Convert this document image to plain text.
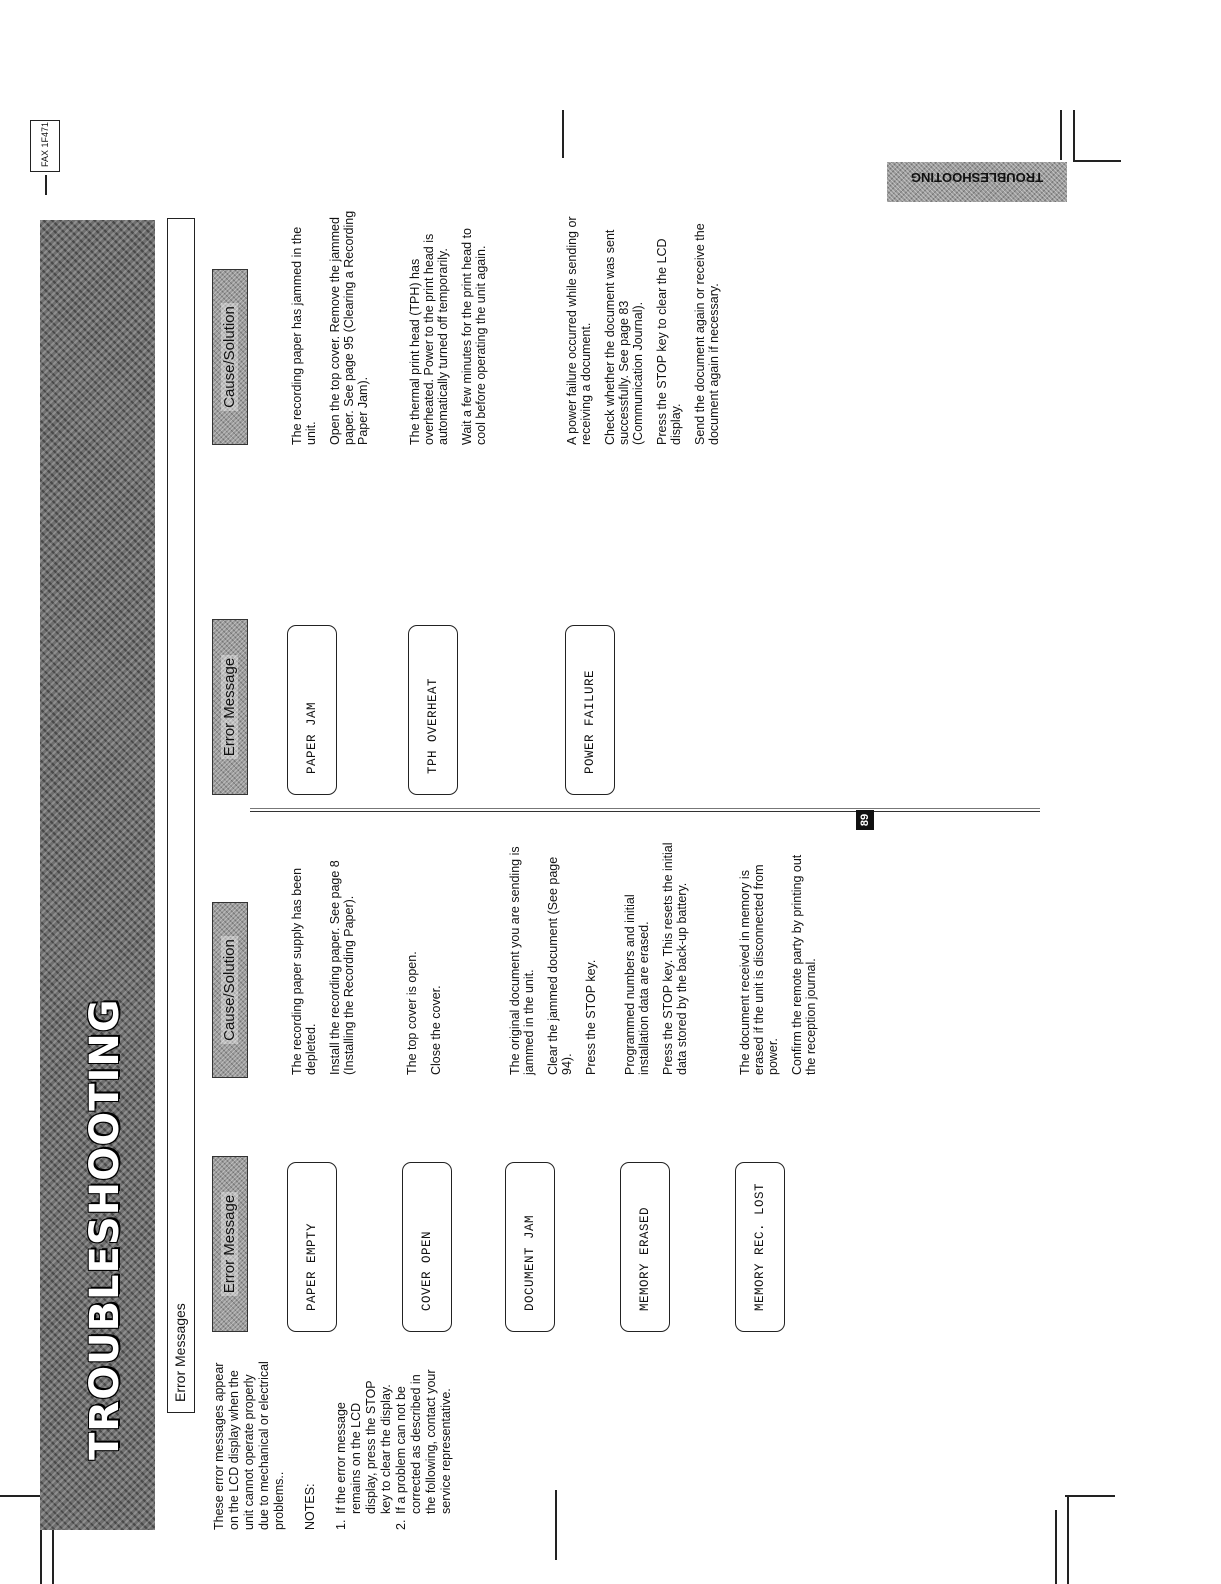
FAX 1F471
TROUBLESHOOTING
TROUBLESHOOTING	Error Messages

These error messages appear on the LCD display when the unit cannot operate properly due to mechanical or electrical problems.. NOTES: 1.
If the error message remains on the LCD display, press the STOP key to clear the display.
2.
If a problem can not be corrected as described in the following, contact your service representative.
Error Message
Cause/Solution
PAPER EMPTY

The recording paper supply has been depleted. Install the recording paper. See page 8 (Installing the Recording Paper).

COVER OPEN

The top cover is open. Close the cover.

DOCUMENT JAM

The original document you are sending is jammed in the unit. Clear the jammed document (See page 94). Press the STOP key.

MEMORY ERASED

Programmed numbers and initial installation data are erased. Press the STOP key. This resets the initial data stored by the back-up battery.

MEMORY REC. LOST

The document received in memory is erased if the unit is disconnected from power. Confirm the remote party by printing out the reception journal.

89
Error Message
Cause/Solution
PAPER JAM

The recording paper has jammed in the unit. Open the top cover. Remove the jammed paper. See page 95 (Clearing a Recording Paper Jam).

TPH OVERHEAT

The thermal print head (TPH) has overheated. Power to the print head is automatically turned off temporarily. Wait a few minutes for the print head to cool before operating the unit again.

POWER FAILURE

A power failure occurred while sending or receiving a document. Check whether the document was sent successfully. See page 83 (Communication Journal). Press the STOP key to clear the LCD display. Send the document again or receive the document again if necessary.
